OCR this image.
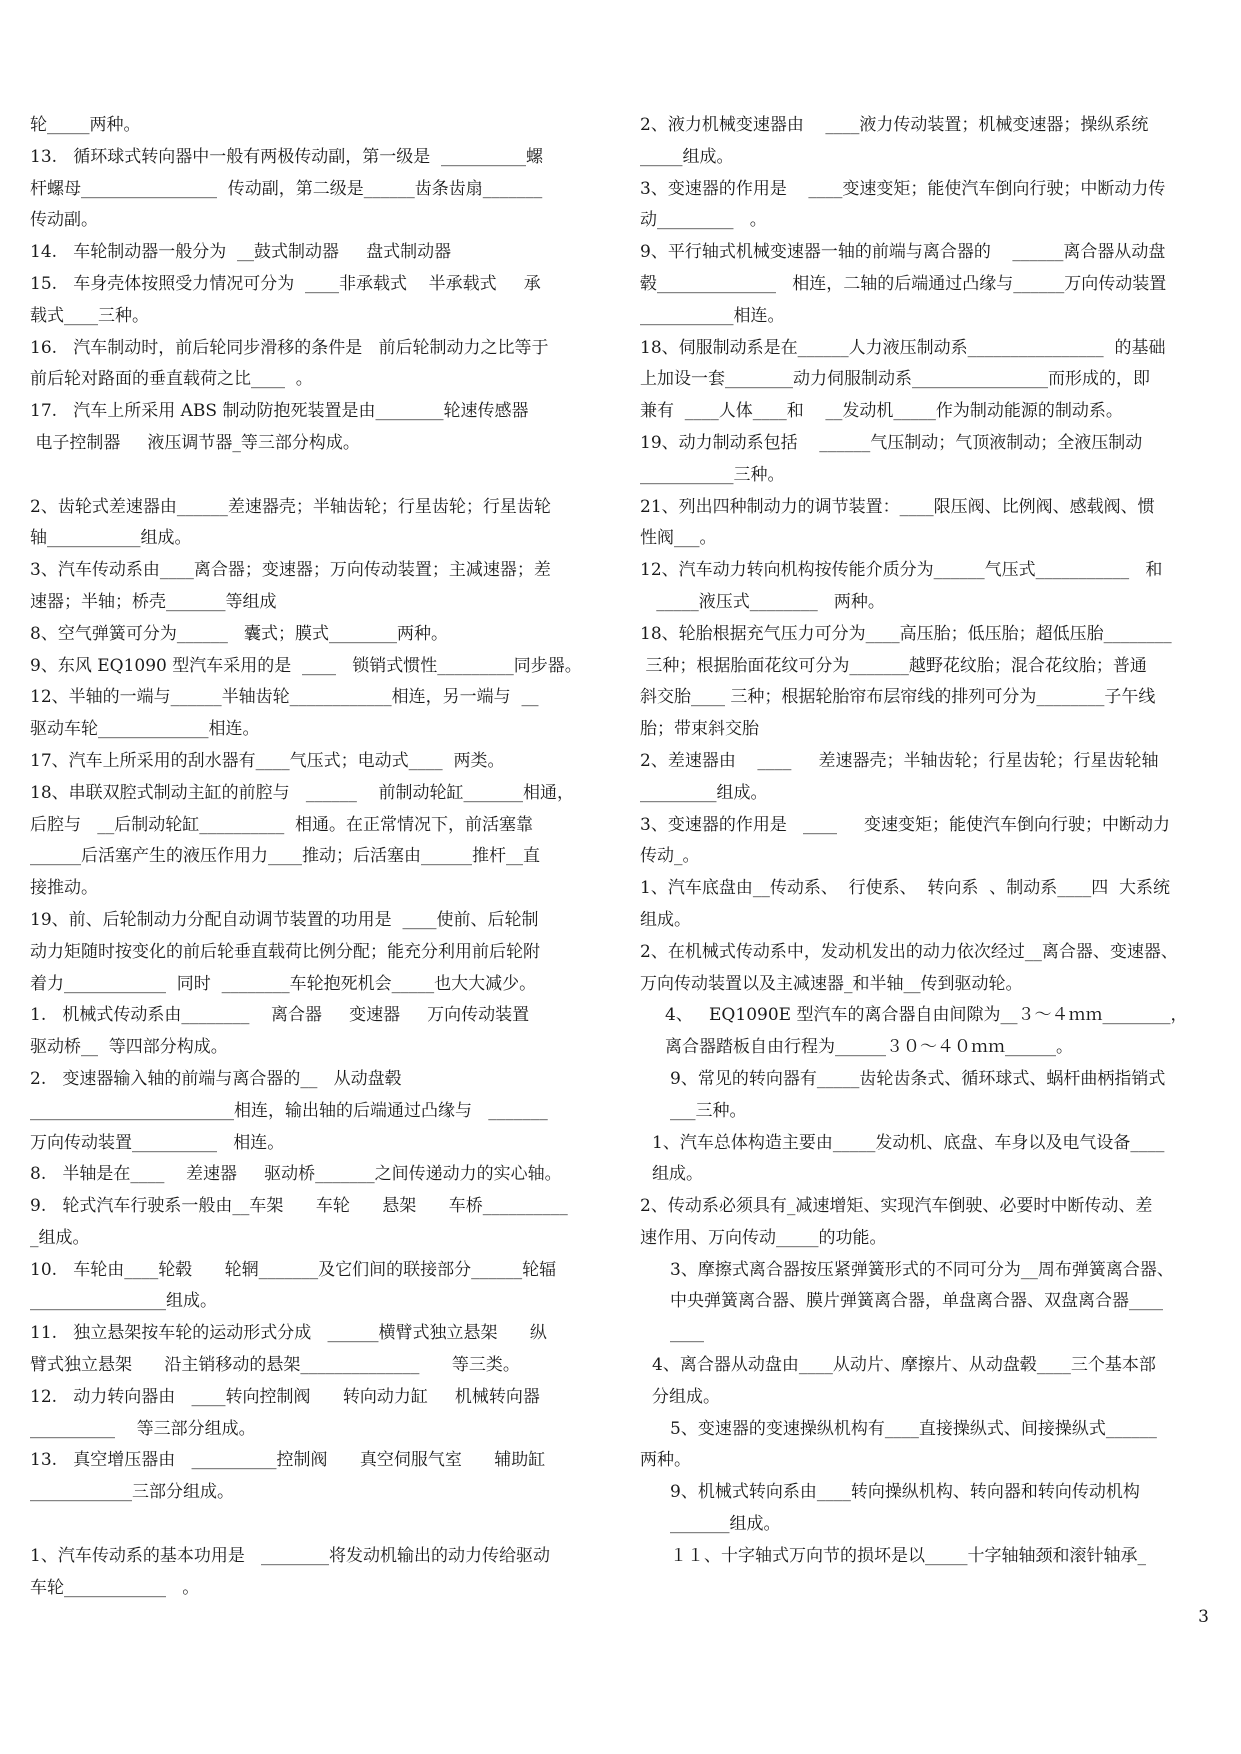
轮_____两种。
13.   循环球式转向器中一般有两极传动副，第一级是  __________螺
杆螺母________________  传动副，第二级是______齿条齿扇_______
传动副。
14.   车轮制动器一般分为  __鼓式制动器     盘式制动器
15.   车身壳体按照受力情况可分为  ____非承载式    半承载式     承
载式____三种。
16.   汽车制动时，前后轮同步滑移的条件是   前后轮制动力之比等于
前后轮对路面的垂直载荷之比____  。
17.   汽车上所采用 ABS 制动防抱死装置是由________轮速传感器
电子控制器     液压调节器_等三部分构成。
2、齿轮式差速器由______差速器壳；半轴齿轮；行星齿轮；行星齿轮
轴___________组成。
3、汽车传动系由____离合器；变速器；万向传动装置；主减速器；差
速器；半轴；桥壳_______等组成
8、空气弹簧可分为______   囊式；膜式________两种。
9、东风 EQ1090 型汽车采用的是  ____   锁销式惯性_________同步器。
12、半轴的一端与______半轴齿轮____________相连，另一端与  __
驱动车轮_____________相连。
17、汽车上所采用的刮水器有____气压式；电动式____  两类。
18、串联双腔式制动主缸的前腔与   ______    前制动轮缸_______相通，
后腔与   __后制动轮缸__________  相通。在正常情况下，前活塞靠
______后活塞产生的液压作用力____推动；后活塞由______推杆__直
接推动。
19、前、后轮制动力分配自动调节装置的功用是  ____使前、后轮制
动力矩随时按变化的前后轮垂直载荷比例分配；能充分利用前后轮附
着力____________  同时  ________车轮抱死机会_____也大大减少。
1.   机械式传动系由________    离合器     变速器     万向传动装置
驱动桥__  等四部分构成。
2.   变速器输入轴的前端与离合器的__   从动盘毂
________________________相连，输出轴的后端通过凸缘与   _______
万向传动装置__________   相连。
8.   半轴是在____    差速器     驱动桥_______之间传递动力的实心轴。
9.   轮式汽车行驶系一般由__车架      车轮      悬架      车桥__________
_组成。
10.   车轮由____轮毂      轮辋_______及它们间的联接部分______轮辐
________________组成。
11.   独立悬架按车轮的运动形式分成   ______横臂式独立悬架      纵
臂式独立悬架      沿主销移动的悬架______________      等三类。
12.   动力转向器由   ____转向控制阀      转向动力缸     机械转向器
__________    等三部分组成。
13.   真空增压器由   __________控制阀      真空伺服气室      辅助缸
____________三部分组成。
1、汽车传动系的基本功用是   ________将发动机输出的动力传给驱动
车轮____________   。
2、液力机械变速器由    ____液力传动装置；机械变速器；操纵系统
_____组成。
3、变速器的作用是    ____变速变矩；能使汽车倒向行驶；中断动力传
动_________   。
9、平行轴式机械变速器一轴的前端与离合器的    ______离合器从动盘
毂______________   相连，二轴的后端通过凸缘与______万向传动装置
___________相连。
18、伺服制动系是在______人力液压制动系________________  的基础
上加设一套________动力伺服制动系________________而形成的，即
兼有  ____人体____和    __发动机_____作为制动能源的制动系。
19、动力制动系包括    ______气压制动；气顶液制动；全液压制动
___________三种。
21、列出四种制动力的调节装置：____限压阀、比例阀、感载阀、惯
性阀___。
12、汽车动力转向机构按传能介质分为______气压式___________   和
_____液压式________   两种。
18、轮胎根据充气压力可分为____高压胎；低压胎；超低压胎________
三种；根据胎面花纹可分为_______越野花纹胎；混合花纹胎；普通
斜交胎____ 三种；根据轮胎帘布层帘线的排列可分为________子午线
胎；带束斜交胎
2、差速器由    ____     差速器壳；半轴齿轮；行星齿轮；行星齿轮轴
_________组成。
3、变速器的作用是   ____     变速变矩；能使汽车倒向行驶；中断动力
传动_。
1、汽车底盘由__传动系、  行使系、  转向系  、制动系____四  大系统
组成。
2、在机械式传动系中，发动机发出的动力依次经过__离合器、变速器、
万向传动装置以及主减速器_和半轴__传到驱动轮。
4、   EQ1090E 型汽车的离合器自由间隙为__３～４ｍｍ________，
离合器踏板自由行程为______３０～４０ｍｍ______。
9、常见的转向器有_____齿轮齿条式、循环球式、蜗杆曲柄指销式
___三种。
1、汽车总体构造主要由_____发动机、底盘、车身以及电气设备____
组成。
2、传动系必须具有_减速增矩、实现汽车倒驶、必要时中断传动、差
速作用、万向传动_____的功能。
3、摩擦式离合器按压紧弹簧形式的不同可分为__周布弹簧离合器、
中央弹簧离合器、膜片弹簧离合器，单盘离合器、双盘离合器____
____
4、离合器从动盘由____从动片、摩擦片、从动盘毂____三个基本部
分组成。
5、变速器的变速操纵机构有____直接操纵式、间接操纵式______
两种。
9、机械式转向系由____转向操纵机构、转向器和转向传动机构
_______组成。
１１、十字轴式万向节的损坏是以_____十字轴轴颈和滚针轴承_
3
